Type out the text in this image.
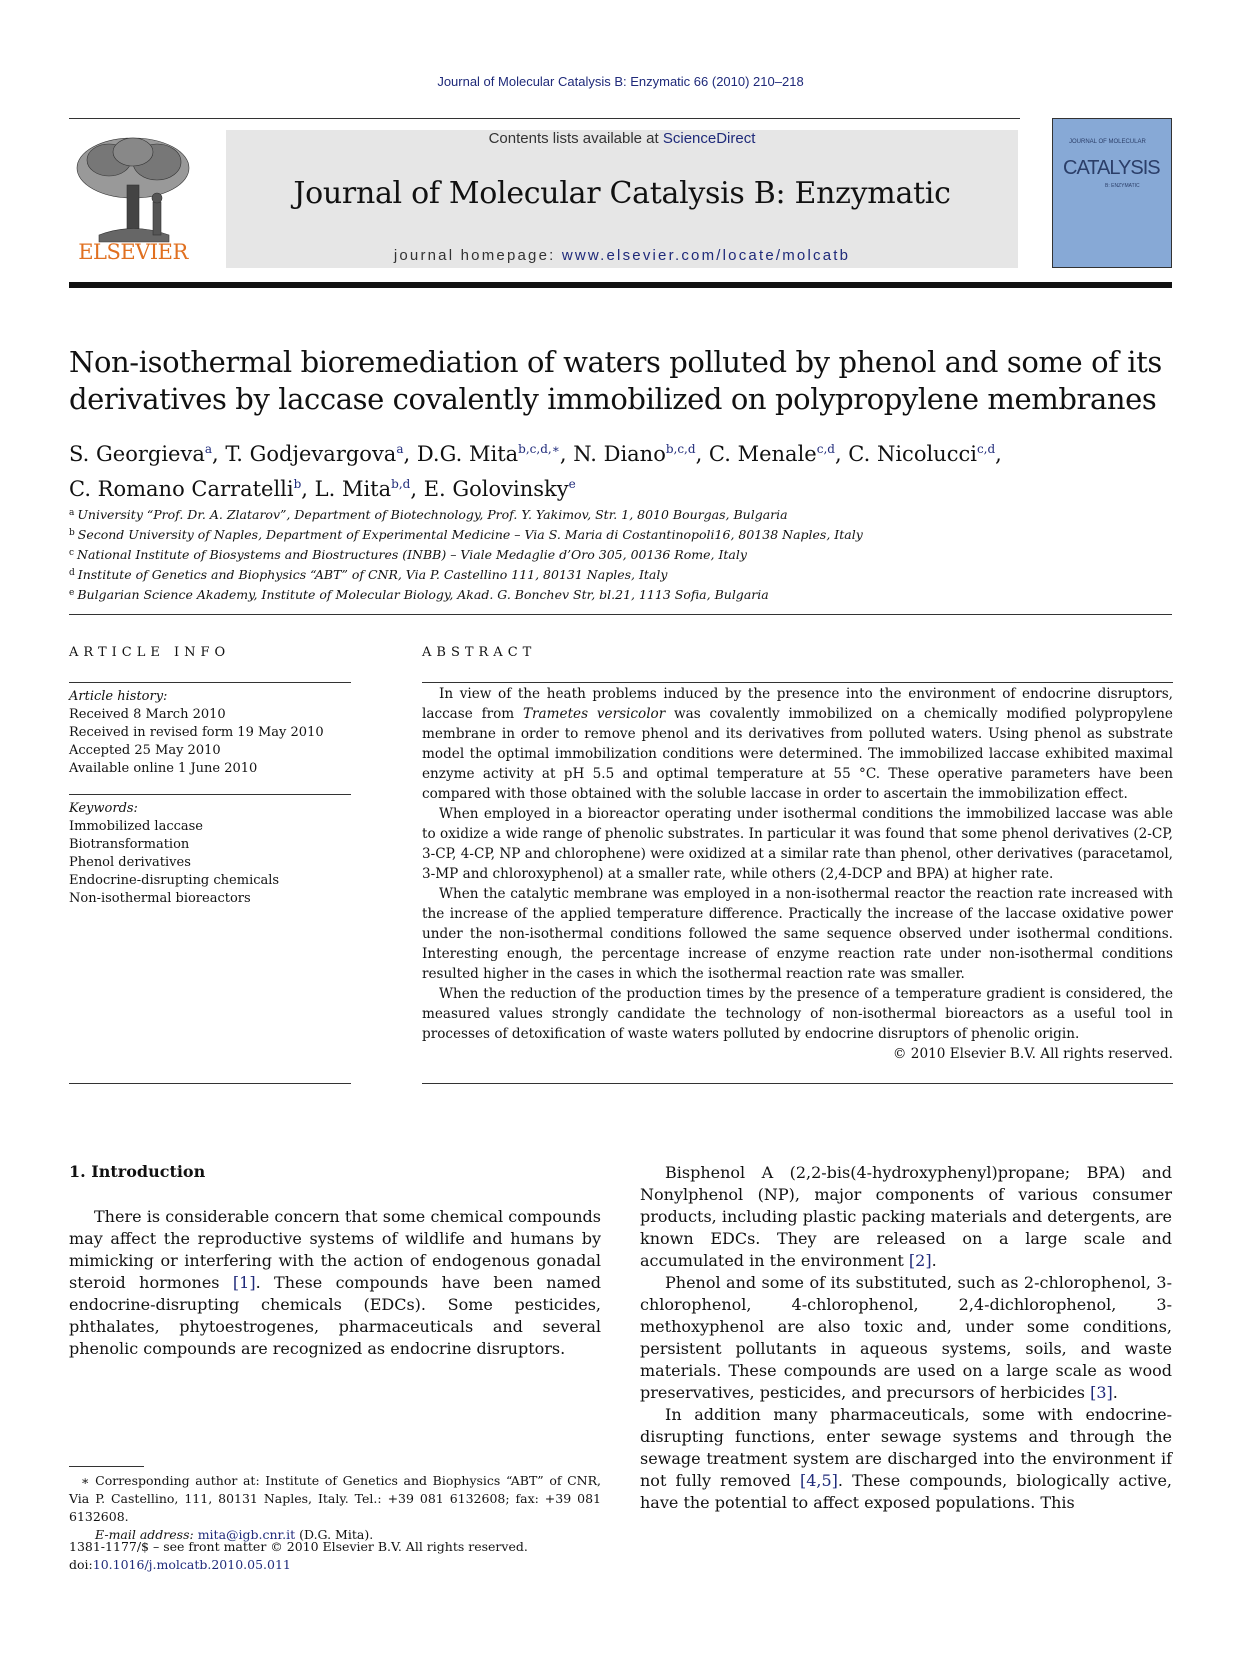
Journal of Molecular Catalysis B: Enzymatic 66 (2010) 210–218
ELSEVIER
Contents lists available at ScienceDirect
Journal of Molecular Catalysis B: Enzymatic
journal homepage: www.elsevier.com/locate/molcatb
JOURNAL OF MOLECULAR
CATALYSIS
B: ENZYMATIC
Non-isothermal bioremediation of waters polluted by phenol and some of its
derivatives by laccase covalently immobilized on polypropylene membranes
S. Georgieva$^a$, T. Godjevargova$^a$, D.G. Mita$^{b,c,d,∗}$, N. Diano$^{b,c,d}$, C. Menale$^{c,d}$, C. Nicolucci$^{c,d}$,
C. Romano Carratelli$^b$, L. Mita$^{b,d}$, E. Golovinsky$^e$
$^a$ University “Prof. Dr. A. Zlatarov”, Department of Biotechnology, Prof. Y. Yakimov, Str. 1, 8010 Bourgas, Bulgaria
$^b$ Second University of Naples, Department of Experimental Medicine – Via S. Maria di Costantinopoli16, 80138 Naples, Italy
$^c$ National Institute of Biosystems and Biostructures (INBB) – Viale Medaglie d’Oro 305, 00136 Rome, Italy
$^d$ Institute of Genetics and Biophysics “ABT” of CNR, Via P. Castellino 111, 80131 Naples, Italy
$^e$ Bulgarian Science Akademy, Institute of Molecular Biology, Akad. G. Bonchev Str, bl.21, 1113 Sofia, Bulgaria
ARTICLE INFO
Article history:
Received 8 March 2010
Received in revised form 19 May 2010
Accepted 25 May 2010
Available online 1 June 2010
Keywords:
Immobilized laccase
Biotransformation
Phenol derivatives
Endocrine-disrupting chemicals
Non-isothermal bioreactors
ABSTRACT

In view of the heath problems induced by the presence into the environment of endocrine disruptors, laccase from Trametes versicolor was covalently immobilized on a chemically modified polypropylene membrane in order to remove phenol and its derivatives from polluted waters. Using phenol as substrate model the optimal immobilization conditions were determined. The immobilized laccase exhibited maximal enzyme activity at pH 5.5 and optimal temperature at 55 °C. These operative parameters have been compared with those obtained with the soluble laccase in order to ascertain the immobilization effect.

When employed in a bioreactor operating under isothermal conditions the immobilized laccase was able to oxidize a wide range of phenolic substrates. In particular it was found that some phenol derivatives (2-CP, 3-CP, 4-CP, NP and chlorophene) were oxidized at a similar rate than phenol, other derivatives (paracetamol, 3-MP and chloroxyphenol) at a smaller rate, while others (2,4-DCP and BPA) at higher rate.

When the catalytic membrane was employed in a non-isothermal reactor the reaction rate increased with the increase of the applied temperature difference. Practically the increase of the laccase oxidative power under the non-isothermal conditions followed the same sequence observed under isothermal conditions. Interesting enough, the percentage increase of enzyme reaction rate under non-isothermal conditions resulted higher in the cases in which the isothermal reaction rate was smaller.

When the reduction of the production times by the presence of a temperature gradient is considered, the measured values strongly candidate the technology of non-isothermal bioreactors as a useful tool in processes of detoxification of waste waters polluted by endocrine disruptors of phenolic origin.

© 2010 Elsevier B.V. All rights reserved.

1. Introduction

There is considerable concern that some chemical compounds may affect the reproductive systems of wildlife and humans by mimicking or interfering with the action of endogenous gonadal steroid hormones [1]. These compounds have been named endocrine-disrupting chemicals (EDCs). Some pesticides, phthalates, phytoestrogenes, pharmaceuticals and several phenolic compounds are recognized as endocrine disruptors.

Bisphenol A (2,2-bis(4-hydroxyphenyl)propane; BPA) and Nonylphenol (NP), major components of various consumer products, including plastic packing materials and detergents, are known EDCs. They are released on a large scale and accumulated in the environment [2].

Phenol and some of its substituted, such as 2-chlorophenol, 3-chlorophenol, 4-chlorophenol, 2,4-dichlorophenol, 3-methoxyphenol are also toxic and, under some conditions, persistent pollutants in aqueous systems, soils, and waste materials. These compounds are used on a large scale as wood preservatives, pesticides, and precursors of herbicides [3].

In addition many pharmaceuticals, some with endocrine-disrupting functions, enter sewage systems and through the sewage treatment system are discharged into the environment if not fully removed [4,5]. These compounds, biologically active, have the potential to affect exposed populations. This

∗ Corresponding author at: Institute of Genetics and Biophysics “ABT” of CNR, Via P. Castellino, 111, 80131 Naples, Italy. Tel.: +39 081 6132608; fax: +39 081 6132608.
E-mail address: mita@igb.cnr.it (D.G. Mita).
1381-1177/$ – see front matter © 2010 Elsevier B.V. All rights reserved.
doi:10.1016/j.molcatb.2010.05.011
